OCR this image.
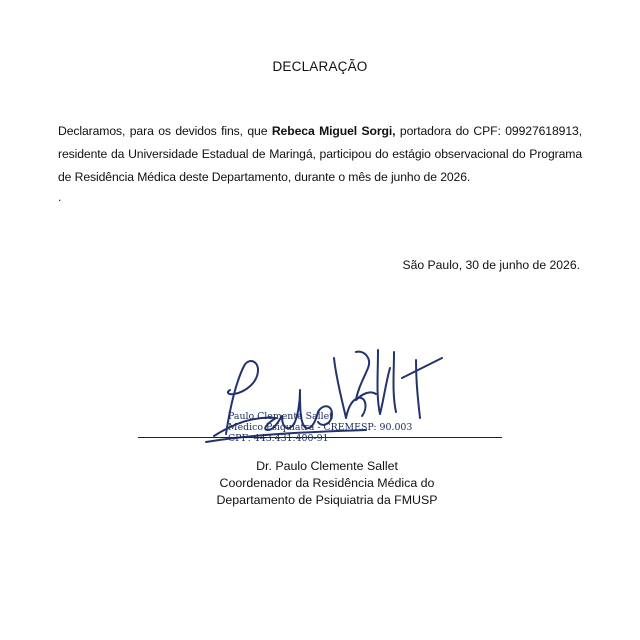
DECLARAÇÃO

Declaramos, para os devidos fins, que Rebeca Miguel Sorgi, portadora do CPF: 09927618913, residente da Universidade Estadual de Maringá, participou do estágio observacional do Programa de Residência Médica deste Departamento, durante o mês de junho de 2026.

.
São Paulo, 30 de junho de 2026.
Paulo Clemente Sallet
Médico Psiquiatra - CREMESP: 90.003
CPF: 443.431.400-91
Dr. Paulo Clemente Sallet
Coordenador da Residência Médica do
Departamento de Psiquiatria da FMUSP
